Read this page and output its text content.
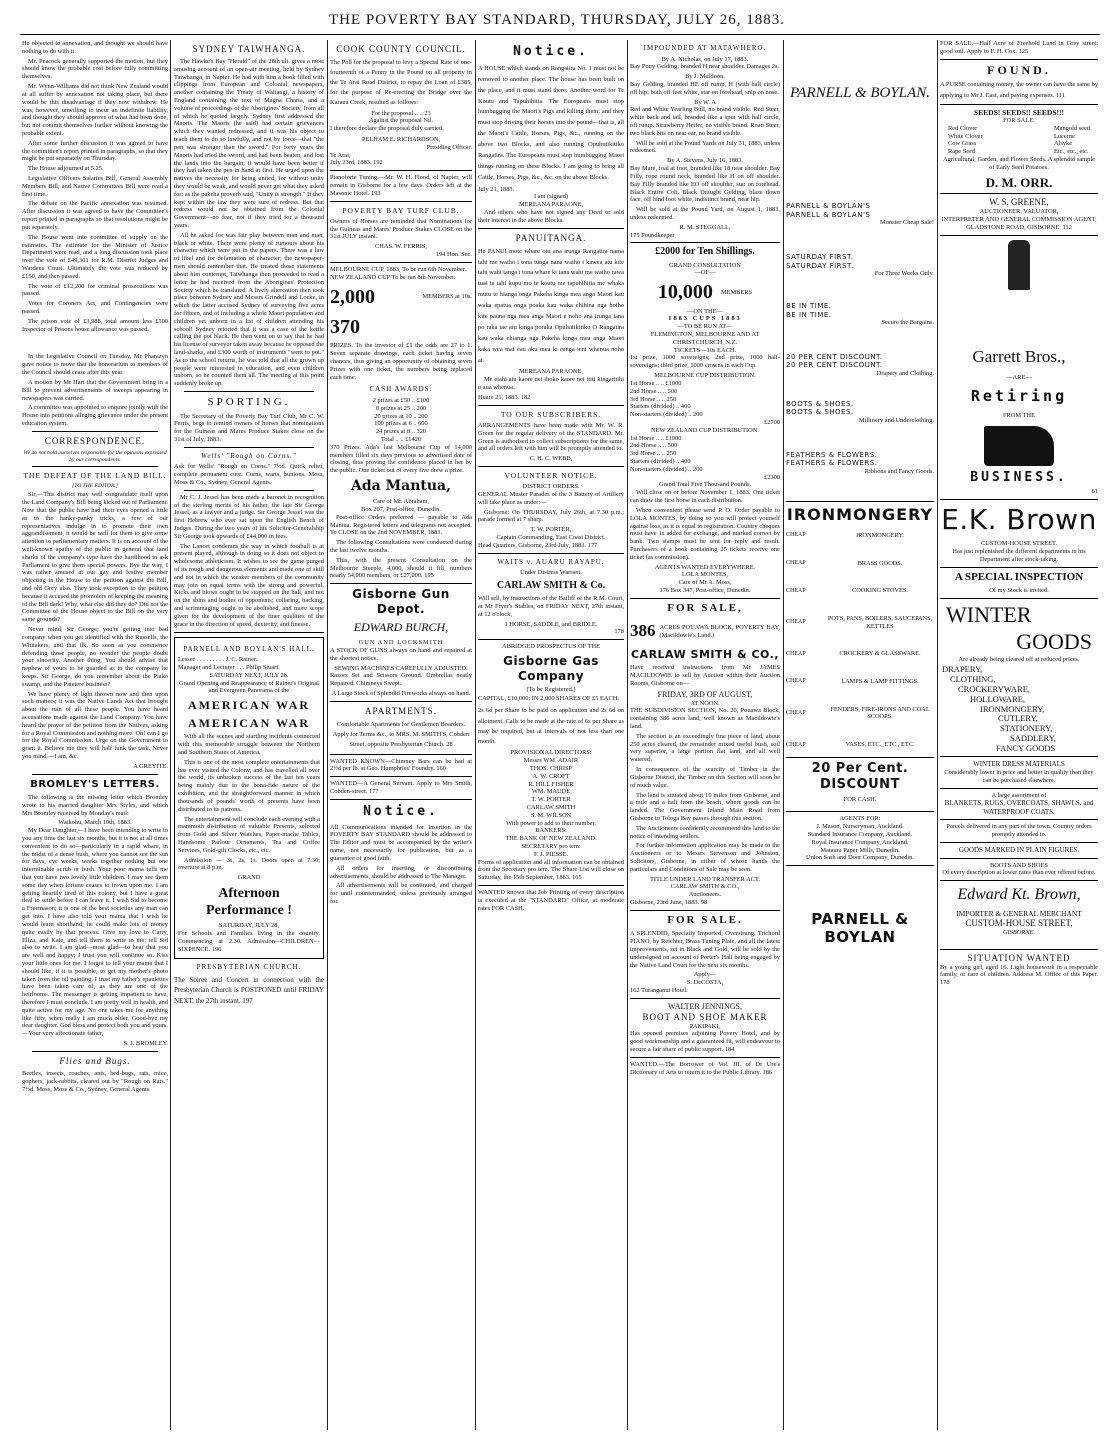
THE POVERTY BAY STANDARD, THURSDAY, JULY 26, 1883.

He objected to annexation, and thought we should have nothing to do with it.

Mr. Peacock generally supported the motion, but they should know the probable cost before fully committing themselves.

Mr. Wynn-Williams did not think New Zealand would at all suffer by annexation not taking place, but there would be this disadvantage if they now withdrew. He was, however, unwilling to incur an indefinite liability, and thought they should approve of what had been done, but not commit themselves further without knowing the probable extent.

After some further discussion it was agreed to have the committee's report printed in paragraphs, so that they might be put separately on Thursday.

The House adjourned at 5.25.

Legislative Officers Salaries Bill, General Assembly Members Bill, and Native Committees Bill were read a first time.

The debate on the Pacific annexation was resumed. After discussion it was agreed to have the Committee's report printed in paragraphs so that resolutions might be put separately.

The House went into committee of supply on the estimates. The estimate for the Minister of Justice Department were read, and a long discussion took place over the vote of £49,301 for R.M. District Judges and Wardens Court. Ultimately the vote was reduced by £150, and then passed.

The vote of £12,200 for criminal prosecutions was passed.

Votes for Coroners Act, and Contingencies were passed.

The prison vote of £3,988, total amount less £100 Inspector of Prisons house allowance was passed.

In the Legislative Council on Tuesday, Mr Pharazyn gave notice to move that the honorarium to members of the Council should cease after this year.

A motion by Mr Hart that the Government bring in a Bill to prevent advertisements of sweeps appearing in newspapers was carried.

A committee was appointed to enquire jointly with the House into petitions alleging grievance under the present education system.

CORRESPONDENCE.
We do not hold ourselves responsible for the opinions expressed by our correspondents.
THE DEFEAT OF THE LAND BILL.
[TO THE EDITOR.]

Sir,—This district may well congratulate itself upon the Land Company's Bill being kicked out of Parliament. Now that the public have had their eyes opened a little as to the hanky-panky tricks, a few of our representatives indulge in to promote their own aggrandisement, it would be well for them to give some attention to parliamentary matters. It is on account of the well-known apathy of the public in general that land sharks of the company's type have the hardihood to ask Parliament to give them special powers. Bye the way, I was rather amused at our gay and festive member objecting in the House to the petition against the Bill, and old Grey also. They took exception to the petition because it accused the promoters of keeping the meaning of the Bill dark! Why, what else did they do? Did not the Committee of the House object to the Bill on the very same grounds?

Never mind, Sir George; you're getting into bad company when you get identified with the Russells, the Whitakers, and that ilk. So soon as you commence defending those people, no wonder the people doubt your sincerity. Another thing. You should advise that nephew of yours to be guarded as to the company he keeps. Sir George, do you remember about the Piako swamp, and the Patetere business?

We have plenty of light thrown now and then upon such matters; it was the Native Lands Act that brought about the ruin of all these people. You have heard accusations made against the Land Company. You have heard the prayer of the petition from the Natives, asking for a Royal Commission and nothing more. Oh! can I go for the Royal Commission. Urge on the Government to grant it. Believe me they will half funk the task. Never you mind.—I am, &c.

A GREYITE.
BROMLEY'S LETTERS.

The following is the missing letter which Bromley wrote to his married daughter Mrs Styles, and which Mrs Bromley received by Monday's mail:

Waikohu, March 10th, 1883.

My Dear Daughter,—I have been intending to write to you any time the last six months, but it is not at all times convenient to do so—particularly in a rapid whare, in the midst of a dense bush, where you cannot see the sun for days, eye weeks, weeks together nothing but one interminable scrub or bush. Your poor mama tells me that you have two lovely little children. I may see them some day when fortune ceases to frown upon me. I am getting heartily tired of this colony, but I have a great deal to settle before I can leave it. I wish Sid to become a Freemason; it is one of the best societies any man can get into. I have also told your mama that I wish he would learn shorthand; he could make lots of money quite easily by that process. Give my love to Carry, Eliza, and Kate, and tell them to write to me; tell Sid also to write. I am glad—most glad—to hear that you are well and happy; I trust you will continue so. Kiss your little ones for me. I forgot to tell your mama that I should like, if it is possible, to get my mother's photo taken from the oil painting. I trust my father's epaulettes have been taken care of, as they are one of the heirlooms. The messenger is getting impatient to have, therefore I must conclude. I am pretty well in health, and quite active for my age. No one takes me for anything like fifty, when really I am much older. Good-bye my dear daughter. God bless and protect both you and yours.—Your very affectionate father,

S. J. BROMLEY.
Flies and Bugs.

Beetles, insects, roaches, ants, bed-bugs, rats, mice, gophers, jack-rabbits, cleared out by "Rough on Rats." 7½d. Moss, Moss & Co., Sydney, General Agents.

SYDNEY TAIWHANGA.

The Hawke's Bay "Herald" of the 28th ult. gives a most amusing account of an open-air meeting, held by Sydney Taiwhanga, in Napier. He had with him a book filled with clippings from European and Colonial newspapers, another containing the Treaty of Waitangi, a history of England containing the text of Magna Charta, and a volume of proceedings of the Aborigines' Society, from all of which he quoted largely. Sydney first addressed the Maoris. The Maoris (he said) had certain grievances which they wanted redressed, and it was his object to teach them to do so lawfully, and not by force—that "the pen was stronger than the sword." For forty years the Maoris had tried the sword, and had been beaten, and lost the lands into the bargain; it would have been better if they had taken the pen in hand at first. He urged upon the natives the necessity for being united, for without unity they would be weak, and would never get what they asked for; as the pakeha proverb said, "Unity is strength." If they kept within the law they were sure of redress. But that redress would not be obtained from the Colonial Government—no fear, not if they tried for a thousand years.

All he asked for was fair play between man and man, black or white. There were plenty of rumours about his character which were put in the papers. There was a law of libel and for defamation of character; the newspaper-men should remember that. He treated those statements about him contempt, Taiwhanga then proceeded to read a letter he had received from the Aborigines' Protection Society which he translated. A lively altercation then took place between Sydney and Messrs Grindell and Locke, in which the latter accused Sydney of surveying five acres for fifteen, and of including a whole Maori population and children yet unborn in a list of children attending his school! Sydney retorted that it was a case of the kettle calling the pot black. He then went on to say that he had his license of surveyor taken away because he opposed the land-sharks, and £300 worth of instruments "went to pot." As to the school returns, he was told that all the grown up people were interested in education, and even children unborn, so he counted them all. The meeting at this point suddenly broke up.

SPORTING.

The Secretary of the Poverty Bay Turf Club, Mr C. W. Ferris, begs to remind owners of horses that nominations for the Guineas and Mares Produce Stakes close on the 31st of July, 1883.

Wells' "Rough on Corns."

Ask for Wells' "Rough on Corns." 7½d. Quick relief, complete permanent cure. Corns, warts, bunions. Moss, Moss & Co., Sydney, General Agents.

Mr C. J. Jessel has been made a baronet in recognition of the sterling merits of his father, the late Sir George Jessel, as a lawyer and a judge. Sir George Jessel was the first Hebrew who ever sat upon the English Bench of Judges. During the two years of his Solicitor-Generalship Sir George took upwards of £44,000 in fees.

The Lancet condemns the way in which football is at present played, although in doing so it does not object to wholesome athleticism. It wishes to see the game purged of its rough and dangerous elements and made one of skill and not in which the weaker members of the community may join on equal terms with the strong and powerful. Kicks and blows ought to be stopped on the ball, and not on the shins and bodies of opponents; collaring, backing, and scrimmaging ought to be abolished, and more scope given for the development of the finer qualities of the grace in the direction of speed, dexterity, and finesse.

PARNELL AND BOYLAN'S HALL.
Lessee . . . . . . . . . J. C. Rainer.
Manager and Lecturer . . . Philip Stuart.
SATURDAY NEXT, JULY 28.

Grand Opening and Reappearance of Rainer's Original and Evergreen Panorama of the

AMERICAN WAR
AMERICAN WAR

With all the scenes and startling incidents connected with this memorable struggle between the Northern and Southern States of America.

This is one of the most complete entertainments that has ever visited the Colony, and has travelled all over the world, its unbroken success of the last ten years being mainly due to the bona-fide nature of the exhibition, and the straightforward manner in which thousands of pounds' worth of presents have been distributed to its patrons.

The entertainment will conclude each evening with a mammoth distribution of valuable Presents, selected from Gold and Silver Watches, Paper-mache Tables, Handsome Parlour Ornaments, Tea and Coffee Services, Gold-gilt Clocks, etc., etc.

Admission — 3s, 2s, 1s. Doors open at 7.30; overture at 8 p.m.

GRAND
Afternoon Performance !
SATURDAY, JULY 28,

For Schools and Families living in the country. Commencing at 2.30. Admission—CHILDREN—SIXPENCE. 196

PRESBYTERIAN CHURCH.

The Soiree and Concert in connection with the Presbyterian Church is POSTPONED until FRIDAY NEXT, the 27th instant. 197

COOK COUNTY COUNCIL.

The Poll for the proposal to levy a Special Rate of one-fourteenth of a Penny in the Pound on all property in the Te Arai Road District, to repay the Loan of £385, for the purpose of Re-erecting the Bridge over the Karaua Creek, resulted as follows:

For the proposal .. .. 23
Against the proposal Nil.
I therefore declare the proposal duly carried.
PELHAM E. RICHARDSON,
Presiding Officer.
Te Arai,
July 23rd, 1883. 192

Pianoforte Tuning.—Mr. W. H. Flood, of Napier, will remain in Gisborne for a few days. Orders left at the Masonic Hotel. 193

POVERTY BAY TURF CLUB.

Owners of Horses are reminded that Nominations for the Guineas and Mares' Produce Stakes CLOSE on the 31st JULY instant.

CHAS. W. FERRIS,
194 Hon. Sec.
MELBOURNE CUP, 1883, To be run 6th November.
NEW ZEALAND CUP To be run 8th November.
2,000	MEMBERS at 10s.
370

PRIZES. To the investor of £1 the odds are 27 to 1. Seven separate drawings, each ticket having seven chances, thus giving an opportunity of obtaining seven Prizes with one ticket, the numbers being replaced each time.

CASH AWARDS:
2 prizes at £50 .. £100
8 prizes at 25 .. 200
20 prizes at 10 .. 200
100 prizes at 6 .. 600
24 prizes at 8 .. 320
Total .. .. £1420

370 Prizes. Ada's last Melbourne Cup of 14,000 members filled six days previous to advertised date of closing, thus proving the confidence placed in her by the public. One ticket out of every five drew a prize.

Ada Mantua,
Care of Mr. Abraham,
Box 207, Post-office, Dunedin.

Post-office Orders preferred — payable to Ada Mantua. Registered letters and telegrams not accepted. To CLOSE on the 2nd NOVEMBER, 1883.

The following Consultations were conducted during the last twelve months.

This, with the present Consultation on the Melbourne Steeple, 4,000, should it fill, numbers nearly 54,000 members, or £27,000. 195

Gisborne Gun Depot.
EDWARD BURCH,
GUN AND LOCKSMITH

A STOCK OF GUNS always on hand and repaired at the shortest notice.

SEWING MACHINES CAREFULLY ADJUSTED.

Razors Set and Scissors Ground. Umbrellas neatly Repaired. Chimneys Swept.

A Large Stock of Splendid Fireworks always on hand.

APARTMENTS.

Comfortable Apartments for Gentlemen Boarders. Apply for Terms &c., to MRS. M. SMITH'S, Cobden Street, opposite Presbyterian Church. 28

WANTED KNOWN—Chimney Bars can be had at 2½d per lb. at Geo. Humphries' Foundry. 160

WANTED—A General Servant. Apply to Mrs Smith, Cobden-street. 177

Notice.

All Communications intended for insertion in the POVERTY BAY STANDARD should be addressed to The Editor and must be accompanied by the writer's name, not necessarily for publication, but as a guarantee of good faith.

All orders for inserting, or discontinuing advertisements, should be addressed to The Manager.

All advertisements will be continued, and charged for until countermanded, unless previously arranged for.

Notice.

A HOUSE which stands on Rangatira No. 1 must not be removed to another place. The house has been built on the place, and it must stand there. Another word for Te Koutu and Tapuhihitia. The Europeans must stop humbugging the Maori's Pigs and killing them; and they must stop driving their horses into the pound—that is, all the Maori's Cattle, Horses, Pigs, &c., running on the above two Blocks, and also running Opuhutikitiko Rangatira. The Europeans must stop humbugging Maori things running on these Blocks. I am going to bring all Cattle, Horses, Pigs, &c., &c. on the above Blocks.

July 21, 1883.
I am (signed)
MEREANA PARAONE,

And others who have not signed any Deed or sold their interest in the above Blocks.

PANUITANGA.

He PANUI mote whare otu ana irunga Rangatira nama tahi me waiho i tona tunga nana waiho i kawea atu kite tahi wahi tanga i tona whare ki tana wahi me waiho rawa tuai te tahi kupu mo te koutu me tapuhihitia me whaka mutu te hianga onga Pakeha kinga mea anga Maori kau waka epatua onga poaka kau waka ehihina nga hoiho kite pauna nga mea anga Maori e noho ana irunga iana po raka tae atu kinga poraka Opuhutikitiko O Rangatira kau waka ehianga nga Pakeha kinga mea anga Maori kaka wea mai eau aku mea ki runga ieni whenua noho ai.

MEREANA PARAONE,

Me etahi atu kaore nei ihoko kaore nei ititi kingaritihi o aua whenua.

Huare 21, 1883. 182
TO OUR SUBSCRIBERS.

ARRANGEMENTS have been made with Mr. W. R. Green for the regular delivery of the STANDARD. Mr. Green is authorised to collect subscriptions for the same, and all orders left with him will be promptly attended to.

C. H. C. WEBB,
VOLUNTEER NOTICE.
DISTRICT ORDERS.

GENERAL Muster Parades of the 3 Battery of Artillery will take place as under:—

Gisborne: On THURSDAY, July 26th, at 7.30 p.m.; parade formed at 7 sharp.

T. W. PORTER,
Captain Commanding, East Coast District.
Head Quarters, Gisborne, 23rd July, 1883. 177
WAITS v. AUARU RAYAPU.
Under Distress Warrant.
CARLAW SMITH & Co.

Will sell, by instructions of the Bailiff of the R.M. Court, at Mr Fryer's Stables, on FRIDAY NEXT, 27th instant, at 12 o'clock,

1 HORSE, SADDLE, and BRIDLE.
178
ABRIDGED PROSPECTUS OF THE
Gisborne Gas Company
(To be Registered.)

CAPITAL, £10,000; IN 2,000 SHARES OF £5 EACH.

2s 6d per Share to be paid on application and 2s 6d on allotment. Calls to be made at the rate of 6s per Share as may be required, but at intervals of not less than one month.

PROVISIONAL DIRECTORS:
Messrs WM. ADAIR
THOS. CHRISP
A. W. CROFT
R. HILL FISHER
WM. MAUDE
T. W. PORTER
CARLAW SMITH
S. M. WILSON
With power to add to their number.
BANKERS:
THE BANK OF NEW ZEALAND.
SECRETARY pro tem:
F. J. PIESSE.

Forms of application and all information can be obtained from the Secretary pro tem. The Share List will close on Saturday, the 15th September, 1883. 165

WANTED known that Job Printing of every description is executed at the "STANDARD" Office, at moderate rates FOR CASH.

IMPOUNDED AT MATAWHERO.
By A. Nicholas, on July 17, 1883.

Bay Pony Gelding; branded H near shoulder. Damages 2s.

By J. Muldoon.

Bay Gelding, branded HE off rump, H (with half circle) off hip; both off feet white, star on forehead, snip on nose.

By W. A

Red and White Yearling Bull, no brand visible. Red Steer, white back and tail, branded like a spur with half circle, off rump. Strawberry Heifer, no visible brand. Roan Steer, two black bits on near ear, no brand visible.

Will be sold at the Pound Yards on July 31, 1883, unless redeemed.

By A. Stevens, July 16, 1883.

Bay Mare, foal at foot, branded like 18 near shoulder. Bay Filly, rope round neck, branded like H on off shoulder. Bay Filly branded like EO off shoulder, star on forehead. Black Entire Colt. Black Draught Gelding, blaze down face, off hind foot white, indistinct brand, near hip.

Will be sold at the Pound Yard, on August 1, 1883, unless redeemed.

R. M. STEGGALL,
175 Poundkeeper
£2000 for Ten Shillings.
GRAND CONSULTATION
—OF—
10,000 MEMBERS
—ON THE—
1883 CUPS 1883
—TO BE RUN AT—
FLEMINGTON, MELBOURNE AND AT CHRISTCHURCH, N.Z.
TICKETS—10s EACH.

1st prize, 1000 sovereigns; 2nd prize, 1000 half-sovereigns; third prize, 1000 crowns in each Cup.

MELBOURNE CUP DISTRIBUTION.
1st Horse .. .. £1000
2nd Horse .. .. 500
3rd Horse .. .. 250
Starters (divided) .. 400
Non-starters (divided) .. 200
£2700
NEW ZEALAND CUP DISTRIBUTION.
1st Horse .. .. £1000
2nd Horse .. .. 500
3rd Horse .. .. 250
Starters (divided) .. 400
Non-starters (divided) .. 200
£2300
Grand Total Five Thousand Pounds.

Will close on or before November 1, 1883. One ticket can draw the first horse in each distribution.

When convenient please send P. O. Order payable to LOLA MONTES, by doing so you will protect yourself against loss, as it is equal to registration. Country cheques must have 1s added for exchange, and marked correct by bank. Two stamps must be sent for reply and result. Purchasers of a book containing 25 tickets receive one ticket (as commission).

AGENTS WANTED EVERYWHERE.
LOLA MONTES,
Care of Mr A. Moss,
176 Box 347, Post-office, Dunedin.
FOR SALE,
386 ACRES POUAWA BLOCK, POVERTY BAY, (Macildowie's Land.)
CARLAW SMITH & CO.,

Have received instructions from Mr JAMES MACILDOWIE to sell by Auction within their Auction Rooms, Gisborne on—

FRIDAY, 3RD OF AUGUST,
AT NOON.

THE SUBDIVISION SECTION, No. 20, Pouawa Block, containing 386 acres land, well known as Macildowie's land.

The section is an exceedingly fine piece of land, about 250 acres cleared, the remainder mixed useful bush, soil very superior, a large portion flat land, and all well watered.

In consequence of the scarcity of Timber in the Gisborne District, the Timber on this Section will soon be of much value.

The land is situated about 10 miles from Gisborne, and a mile and a half from the beach, where goods can be landed. The Government Inland Main Road from Gisborne to Tologa Bay passes through this section.

The Auctioneers confidently recommend this land to the notice of intending settlers.

For further information application may be made to the Auctioneers or to Messrs Stevenson and Johnston, Solicitors, Gisborne, in either of whose hands the particulars and Conditions of Sale may be seen.

TITLE UNDER LAND TRANSFER ACT.
CARLAW SMITH & CO.,
Auctioneers.
Gisborne, 23rd June, 1883. 98
FOR SALE.

A SPLENDID, Specially Imported, Overstrung, Trichord PIANO, by Reichter, Brass Tuning Plate, and all the latest improvements, set in Black and Gold, will be sold by the undersigned on account of Porter's Hall being engaged by the Native Land Court for the next six months.

Apply—
S. DeCOSTA,
162 Turanganui Hotel.
WALTER JENNINGS,
BOOT AND SHOE MAKER
PAKIPAKI,

Has opened premises adjoining Povery Hotel, and by good workmanship and a guaranteed fit, will endeavour to secure a fair share of public support. 184

WANTED.—The Borrower of Vol. III. of Dr Ure's Dictionary of Arts to return it to the Public Library. 186

PARNELL & BOYLAN.
PARNELL & BOYLAN'S
PARNELL & BOYLAN'S
Monster Cheap Sale!
SATURDAY FIRST.
SATURDAY FIRST.
For Three Weeks Only.
BE IN TIME.
BE IN TIME.
Secure the Bargains.
20 PER CENT DISCOUNT.
20 PER CENT DISCOUNT.
Drapery and Clothing.
BOOTS & SHOES.
BOOTS & SHOES.
Millinery and Underclothing.
FEATHERS & FLOWERS.
FEATHERS & FLOWERS.
Ribbons and Fancy Goods.
IRONMONGERY
CHEAP	IRONMONGERY.
CHEAP	BRASS GOODS.
CHEAP	COOKING STOVES.
CHEAP
POTS, PANS, BOILERS, SAUCEPANS, KETTLES
CHEAP	CROCKERY & GLASSWARE.
CHEAP	LAMPS & LAMP FITTINGS.
CHEAP
FENDERS, FIRE-IRONS AND COAL SCOOPS.
CHEAP	VASES, ETC., ETC., ETC.
20 Per Cent. DISCOUNT
FOR CASH.
AGENTS FOR:
J. Mason, Nurseryman, Auckland.
Standard Insurance Company, Auckland.
Royal Insurance Company, Auckland.
Mataura Paper Mills, Dunedin.
Union Sash and Door Company, Dunedin.
PARNELL & BOYLAN

FOR SALE.—Half Acre of Freehold Land in Grey street; good soil. Apply to F. H. Cox. 125

FOUND.

A PURSE containing money, the owner can have the same by applying to Mr J. East, and paying expenses. 111

SEEDS! SEEDS!! SEEDS!!!
FOR SALE:
Red Clover
White Clover
Cow Grass
Rape Seed
Mangold seed
Lucerne
Alsyke
Etc., etc., etc.

Agricultural, Garden, and Flower Seeds. A splendid sample of Early Seed Potatoes.

D. M. ORR.
W. S. GREENE,
AUCTIONEER, VALUATOR,
INTERPRETER AND GENERAL COMMISSION AGENT,
GLADSTONE ROAD, GISBORNE. 112
Garrett Bros.,
—ARE—
Retiring
FROM THE
BUSINESS.
61
E.K. Brown
CUSTOM-HOUSE STREET.

Has just replenished the different departments in his Department after stock-taking.

A SPECIAL INSPECTION
Of my Stock is invited.
WINTER
GOODS

Are already being cleared off at reduced prices.

DRAPERY,
CLOTHING,
CROCKERYWARE,
HOLLOWARE,
IRONMONGERY,
CUTLERY,
STATIONERY,
SADDLERY,
FANCY GOODS
WINTER DRESS MATERIALS

Considerably lower in price and better in quality than they can be purchased elsewhere.

A large assortment of
BLANKETS, RUGS, OVERCOATS, SHAWLS, and WATERPROOF COATS.

Parcels delivered in any part of the town. Country orders promptly attended to.

GOODS MARKED IN PLAIN FIGURES.
BOOTS AND SHOES

Of every description at lower rates than ever offered before.

Edward Kt. Brown,
IMPORTER & GENERAL MERCHANT
CUSTOM-HOUSE STREET,
GISBORNE.
SITUATION WANTED

By a young girl, aged 16. Light housework in a respectable family, or care of children. Address M. Office of this Paper. 178
